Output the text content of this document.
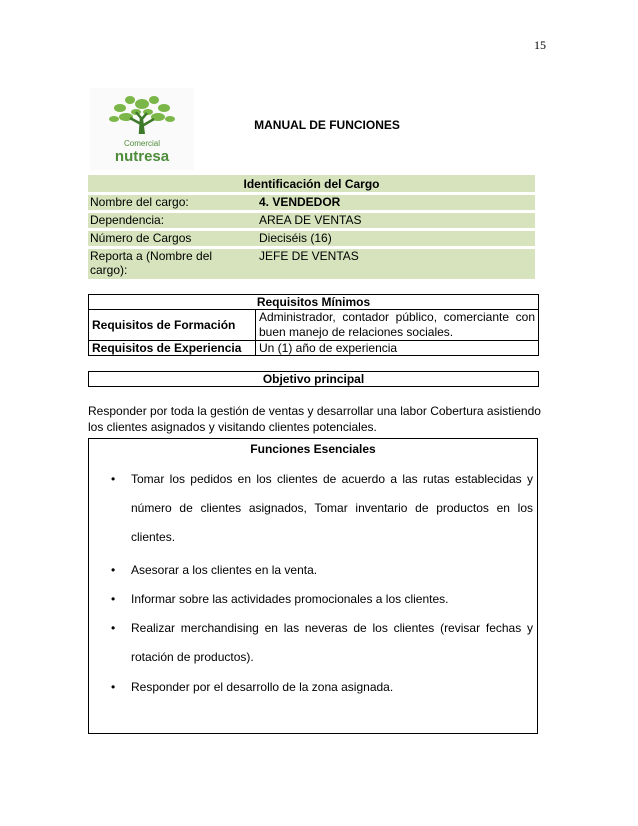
15
Comercial
nutresa
MANUAL DE FUNCIONES
Identificación del Cargo	
Nombre del cargo:	4. VENDEDOR
Dependencia:	AREA DE VENTAS
Número de Cargos	Dieciséis (16)
Reporta a (Nombre del cargo):	JEFE DE VENTAS
Requisitos Mínimos	
Requisitos de Formación	Administrador, contador público, comerciante con buen manejo de relaciones sociales.
Requisitos de Experiencia	Un (1) año de experiencia
Objetivo principal
Responder por toda la gestión de ventas y desarrollar una labor Cobertura asistiendo los clientes asignados y visitando clientes potenciales.
Funciones Esenciales
• Tomar los pedidos en los clientes de acuerdo a las rutas establecidas y número de clientes asignados, Tomar inventario de productos en los clientes.
• Asesorar a los clientes en la venta.
• Informar sobre las actividades promocionales a los clientes.
• Realizar merchandising en las neveras de los clientes (revisar fechas y rotación de productos).
• Responder por el desarrollo de la zona asignada.
